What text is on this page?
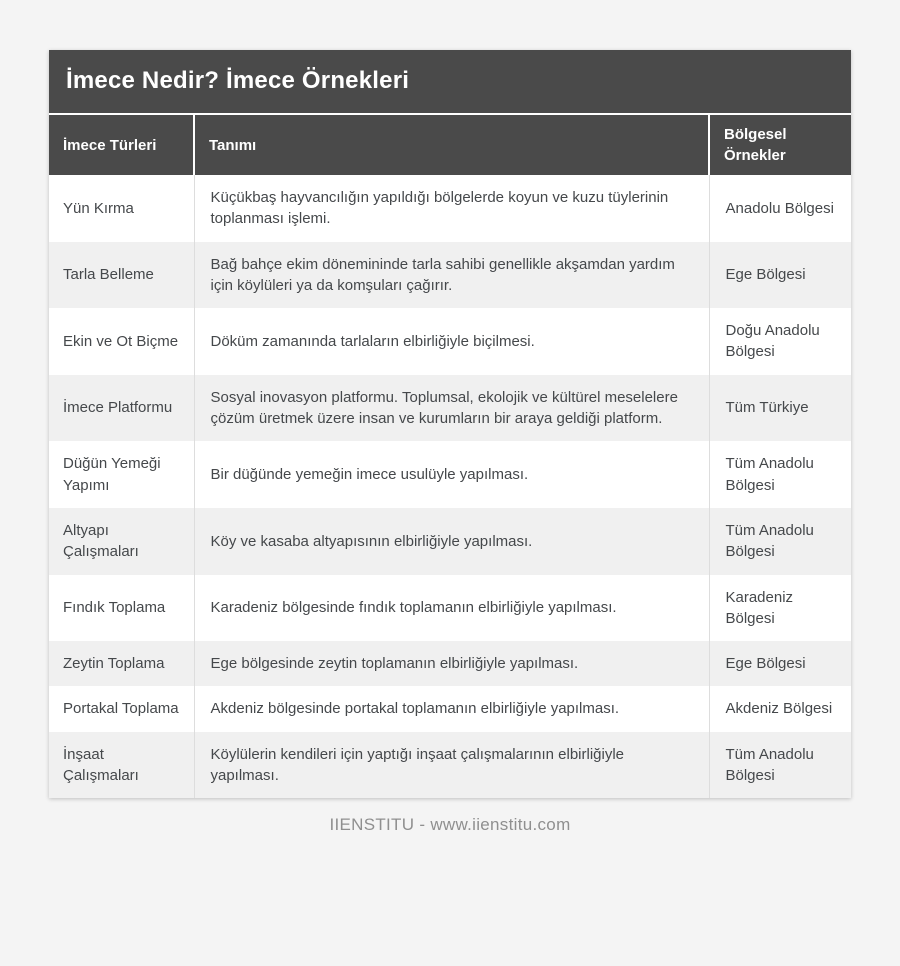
İmece Nedir? İmece Örnekleri
İmece Türleri	Tanımı	Bölgesel Örnekler
Yün Kırma	Küçükbaş hayvancılığın yapıldığı bölgelerde koyun ve kuzu tüylerinin toplanması işlemi.	Anadolu Bölgesi
Tarla Belleme	Bağ bahçe ekim dönemininde tarla sahibi genellikle akşamdan yardım için köylüleri ya da komşuları çağırır.	Ege Bölgesi
Ekin ve Ot Biçme	Döküm zamanında tarlaların elbirliğiyle biçilmesi.	Doğu Anadolu Bölgesi
İmece Platformu	Sosyal inovasyon platformu. Toplumsal, ekolojik ve kültürel meselelere çözüm üretmek üzere insan ve kurumların bir araya geldiği platform.	Tüm Türkiye
Düğün Yemeği Yapımı	Bir düğünde yemeğin imece usulüyle yapılması.	Tüm Anadolu Bölgesi
Altyapı Çalışmaları	Köy ve kasaba altyapısının elbirliğiyle yapılması.	Tüm Anadolu Bölgesi
Fındık Toplama	Karadeniz bölgesinde fındık toplamanın elbirliğiyle yapılması.	Karadeniz Bölgesi
Zeytin Toplama	Ege bölgesinde zeytin toplamanın elbirliğiyle yapılması.	Ege Bölgesi
Portakal Toplama	Akdeniz bölgesinde portakal toplamanın elbirliğiyle yapılması.	Akdeniz Bölgesi
İnşaat Çalışmaları	Köylülerin kendileri için yaptığı inşaat çalışmalarının elbirliğiyle yapılması.	Tüm Anadolu Bölgesi
IIENSTITU - www.iienstitu.com
